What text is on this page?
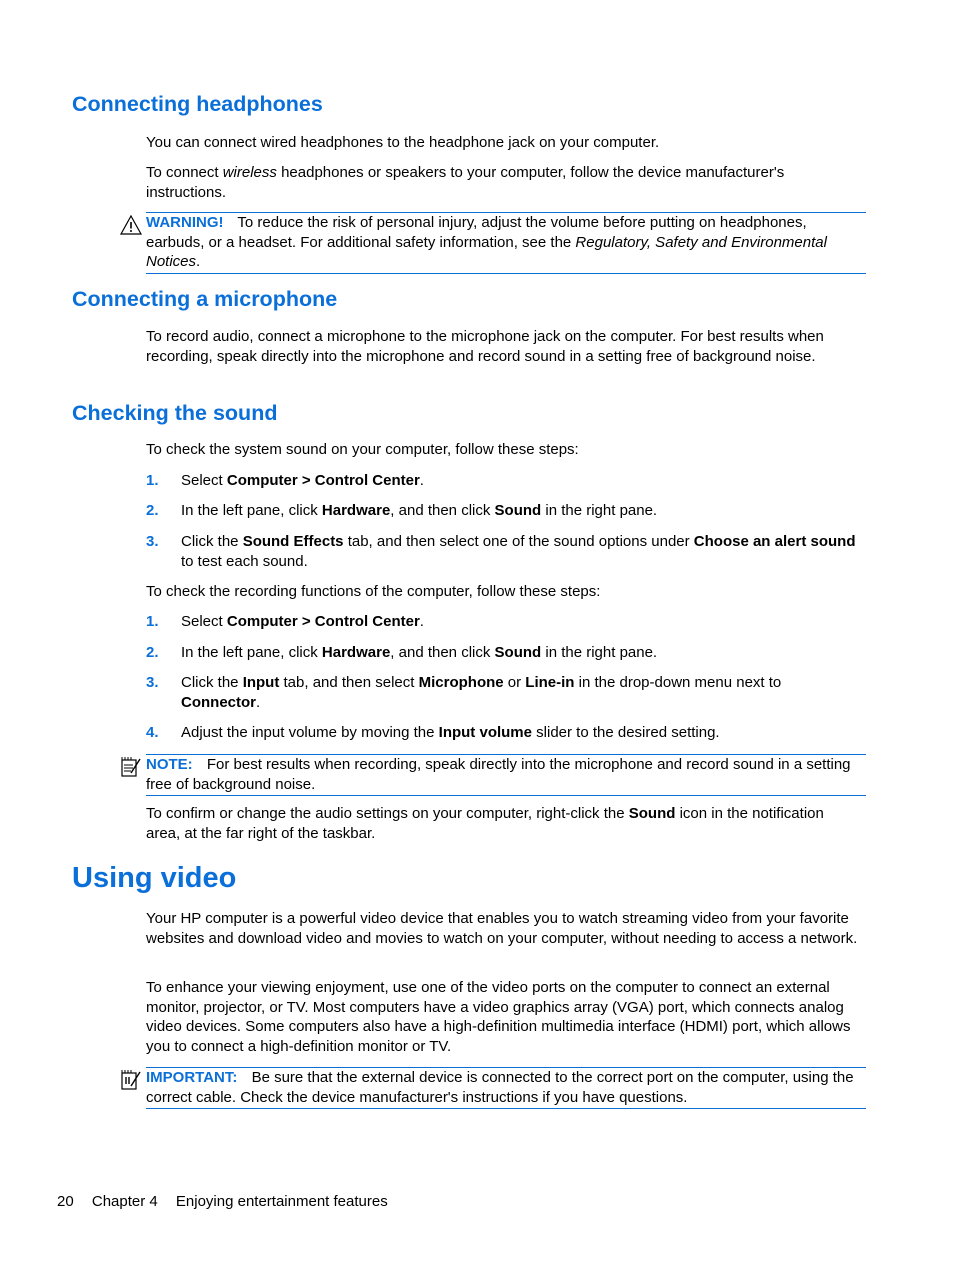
Connecting headphones

You can connect wired headphones to the headphone jack on your computer.

To connect wireless headphones or speakers to your computer, follow the device manufacturer's instructions.

WARNING! To reduce the risk of personal injury, adjust the volume before putting on headphones, earbuds, or a headset. For additional safety information, see the Regulatory, Safety and Environmental Notices.
Connecting a microphone

To record audio, connect a microphone to the microphone jack on the computer. For best results when recording, speak directly into the microphone and record sound in a setting free of background noise.

Checking the sound

To check the system sound on your computer, follow these steps:

1.	Select Computer > Control Center.
2.	In the left pane, click Hardware, and then click Sound in the right pane.
3.	Click the Sound Effects tab, and then select one of the sound options under Choose an alert sound to test each sound.

To check the recording functions of the computer, follow these steps:

1.	Select Computer > Control Center.
2.	In the left pane, click Hardware, and then click Sound in the right pane.
3.	Click the Input tab, and then select Microphone or Line-in in the drop-down menu next to Connector.
4.	Adjust the input volume by moving the Input volume slider to the desired setting.
NOTE: For best results when recording, speak directly into the microphone and record sound in a setting free of background noise.

To confirm or change the audio settings on your computer, right-click the Sound icon in the notification area, at the far right of the taskbar.

Using video

Your HP computer is a powerful video device that enables you to watch streaming video from your favorite websites and download video and movies to watch on your computer, without needing to access a network.

To enhance your viewing enjoyment, use one of the video ports on the computer to connect an external monitor, projector, or TV. Most computers have a video graphics array (VGA) port, which connects analog video devices. Some computers also have a high-definition multimedia interface (HDMI) port, which allows you to connect a high-definition monitor or TV.

IMPORTANT: Be sure that the external device is connected to the correct port on the computer, using the correct cable. Check the device manufacturer's instructions if you have questions.
20 Chapter 4 Enjoying entertainment features
